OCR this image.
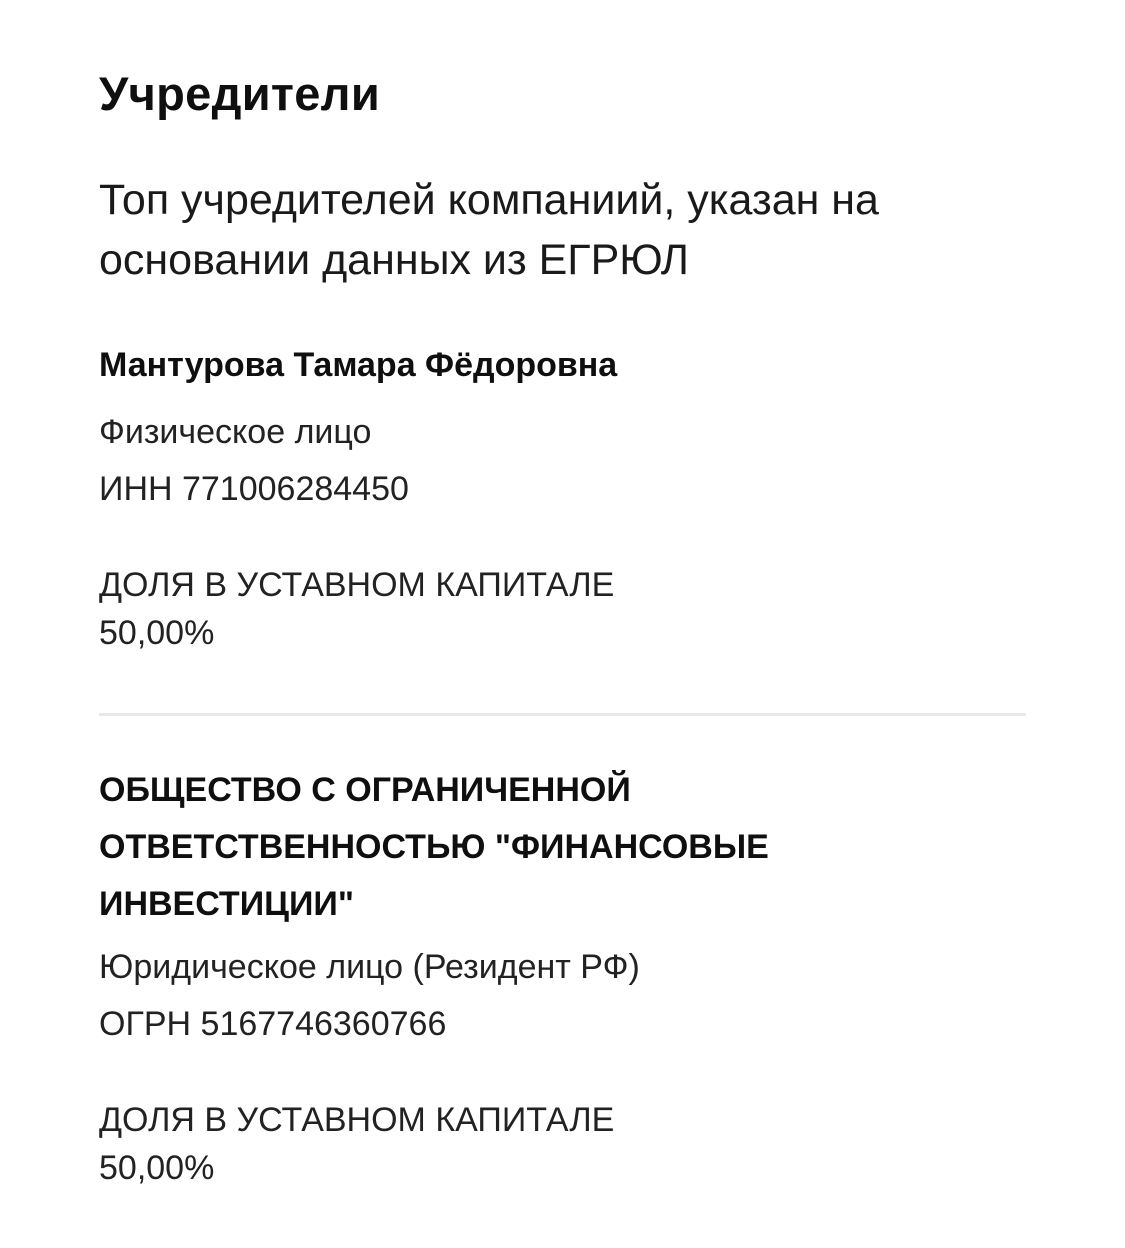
Учредители

Топ учредителей компаниий, указан на основании данных из ЕГРЮЛ

Мантурова Тамара Фёдоровна

Физическое лицо

ИНН 771006284450

ДОЛЯ В УСТАВНОМ КАПИТАЛЕ

50,00%

ОБЩЕСТВО С ОГРАНИЧЕННОЙ

ОТВЕТСТВЕННОСТЬЮ "ФИНАНСОВЫЕ

ИНВЕСТИЦИИ"

Юридическое лицо (Резидент РФ)

ОГРН 5167746360766

ДОЛЯ В УСТАВНОМ КАПИТАЛЕ

50,00%
